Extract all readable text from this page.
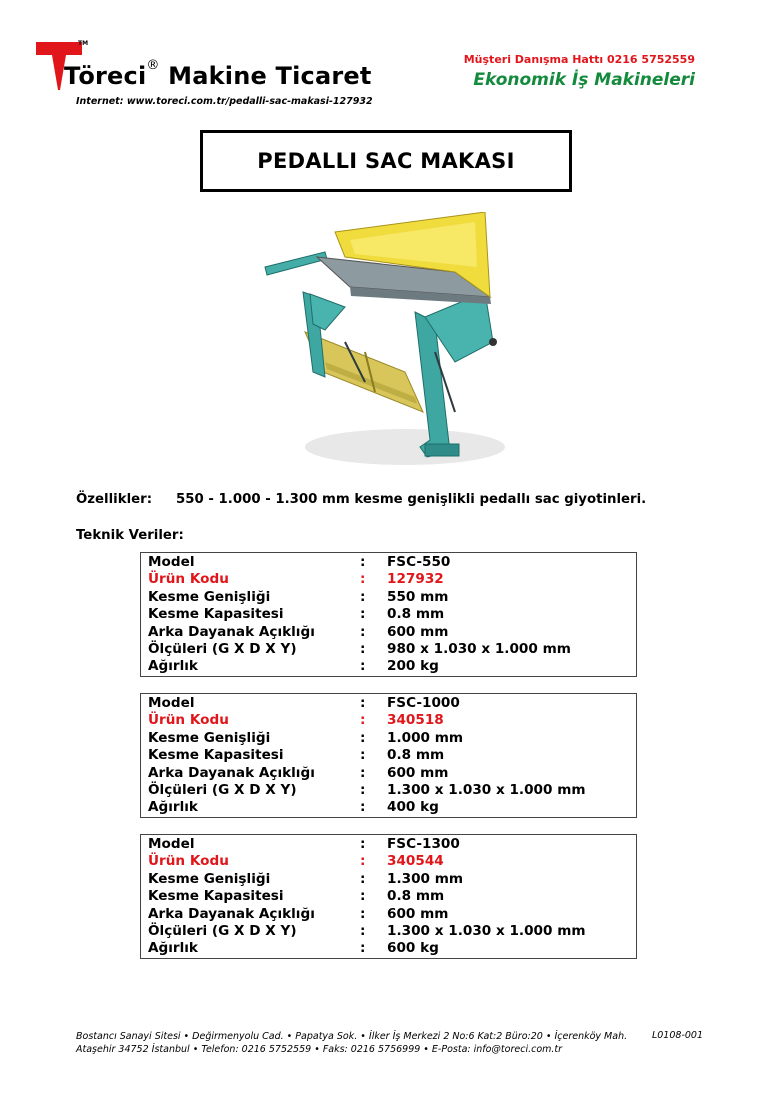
TM
Töreci® Makine Ticaret
Internet: www.toreci.com.tr/pedalli-sac-makasi-127932
Müşteri Danışma Hattı 0216 5752559
Ekonomik İş Makineleri
PEDALLI SAC MAKASI
Özellikler: 550 - 1.000 - 1.300 mm kesme genişlikli pedallı sac giyotinleri.
Teknik Veriler:
Model	:	FSC-550
Ürün Kodu	:	127932
Kesme Genişliği	:	550 mm
Kesme Kapasitesi	:	0.8 mm
Arka Dayanak Açıklığı	:	600 mm
Ölçüleri (G X D X Y)	:	980 x 1.030 x 1.000 mm
Ağırlık	:	200 kg
Model	:	FSC-1000
Ürün Kodu	:	340518
Kesme Genişliği	:	1.000 mm
Kesme Kapasitesi	:	0.8 mm
Arka Dayanak Açıklığı	:	600 mm
Ölçüleri (G X D X Y)	:	1.300 x 1.030 x 1.000 mm
Ağırlık	:	400 kg
Model	:	FSC-1300
Ürün Kodu	:	340544
Kesme Genişliği	:	1.300 mm
Kesme Kapasitesi	:	0.8 mm
Arka Dayanak Açıklığı	:	600 mm
Ölçüleri (G X D X Y)	:	1.300 x 1.030 x 1.000 mm
Ağırlık	:	600 kg
Bostancı Sanayi Sitesi • Değirmenyolu Cad. • Papatya Sok. • İlker İş Merkezi 2 No:6 Kat:2 Büro:20 • İçerenköy Mah.
Ataşehir 34752 İstanbul • Telefon: 0216 5752559 • Faks: 0216 5756999 • E-Posta: info@toreci.com.tr
L0108-001
